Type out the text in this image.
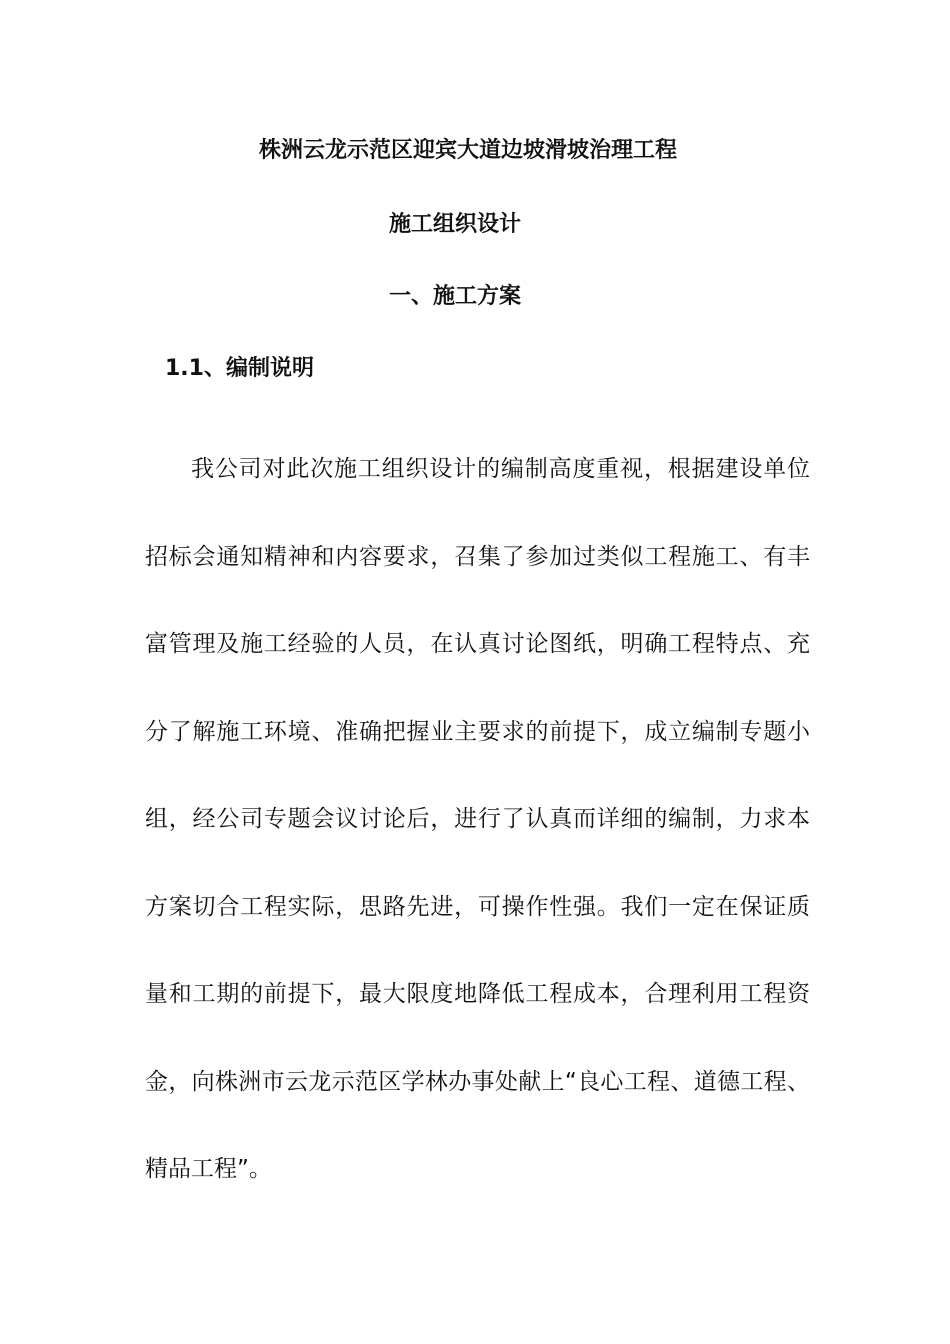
株洲云龙示范区迎宾大道边坡滑坡治理工程
施工组织设计
一、施工方案
1.1、编制说明

我公司对此次施工组织设计的编制高度重视，根据建设单位招标会通知精神和内容要求，召集了参加过类似工程施工、有丰富管理及施工经验的人员，在认真讨论图纸，明确工程特点、充分了解施工环境、准确把握业主要求的前提下，成立编制专题小组，经公司专题会议讨论后，进行了认真而详细的编制，力求本方案切合工程实际，思路先进，可操作性强。我们一定在保证质量和工期的前提下，最大限度地降低工程成本，合理利用工程资金，向株洲市云龙示范区学林办事处献上“良心工程、道德工程、精品工程”。
